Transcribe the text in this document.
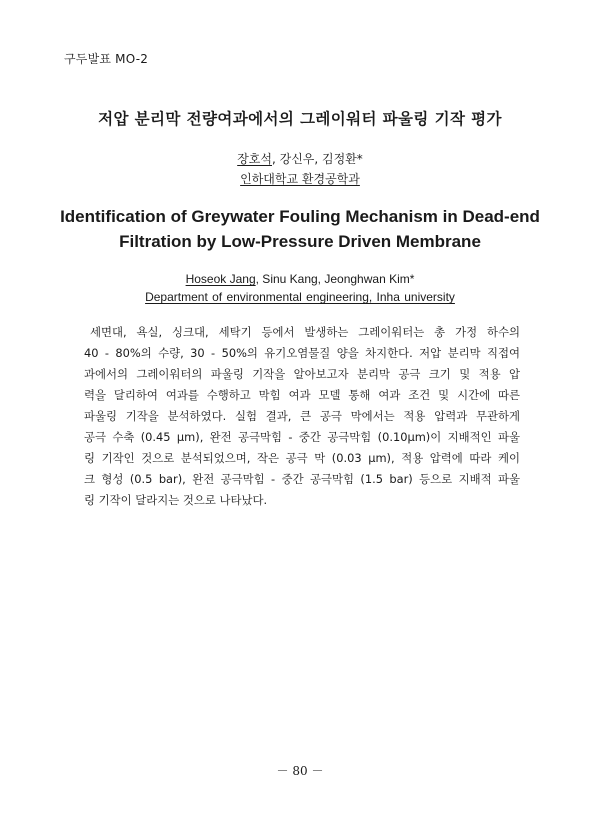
구두발표 MO-2
저압 분리막 전량여과에서의 그레이워터 파울링 기작 평가
장호석, 강신우, 김정환*
인하대학교 환경공학과
Identification of Greywater Fouling Mechanism in Dead-end
Filtration by Low-Pressure Driven Membrane
Hoseok Jang, Sinu Kang, Jeonghwan Kim*
Department of environmental engineering, Inha university
세면대, 욕실, 싱크대, 세탁기 등에서 발생하는 그레이워터는 총 가정 하수의
40 - 80%의 수량, 30 - 50%의 유기오염물질 양을 차지한다. 저압 분리막 직접여
과에서의 그레이워터의 파울링 기작을 알아보고자 분리막 공극 크기 및 적용 압
력을 달리하여 여과를 수행하고 막힘 여과 모델 통해 여과 조건 및 시간에 따른
파울링 기작을 분석하였다. 실험 결과, 큰 공극 막에서는 적용 압력과 무관하게
공극 수축 (0.45 μm), 완전 공극막힘 - 중간 공극막힘 (0.10μm)이 지배적인 파울
링 기작인 것으로 분석되었으며, 작은 공극 막 (0.03 μm), 적용 압력에 따라 케이
크 형성 (0.5 bar), 완전 공극막힘 - 중간 공극막힘 (1.5 bar) 등으로 지배적 파울
링 기작이 달라지는 것으로 나타났다.
－ 80 －
